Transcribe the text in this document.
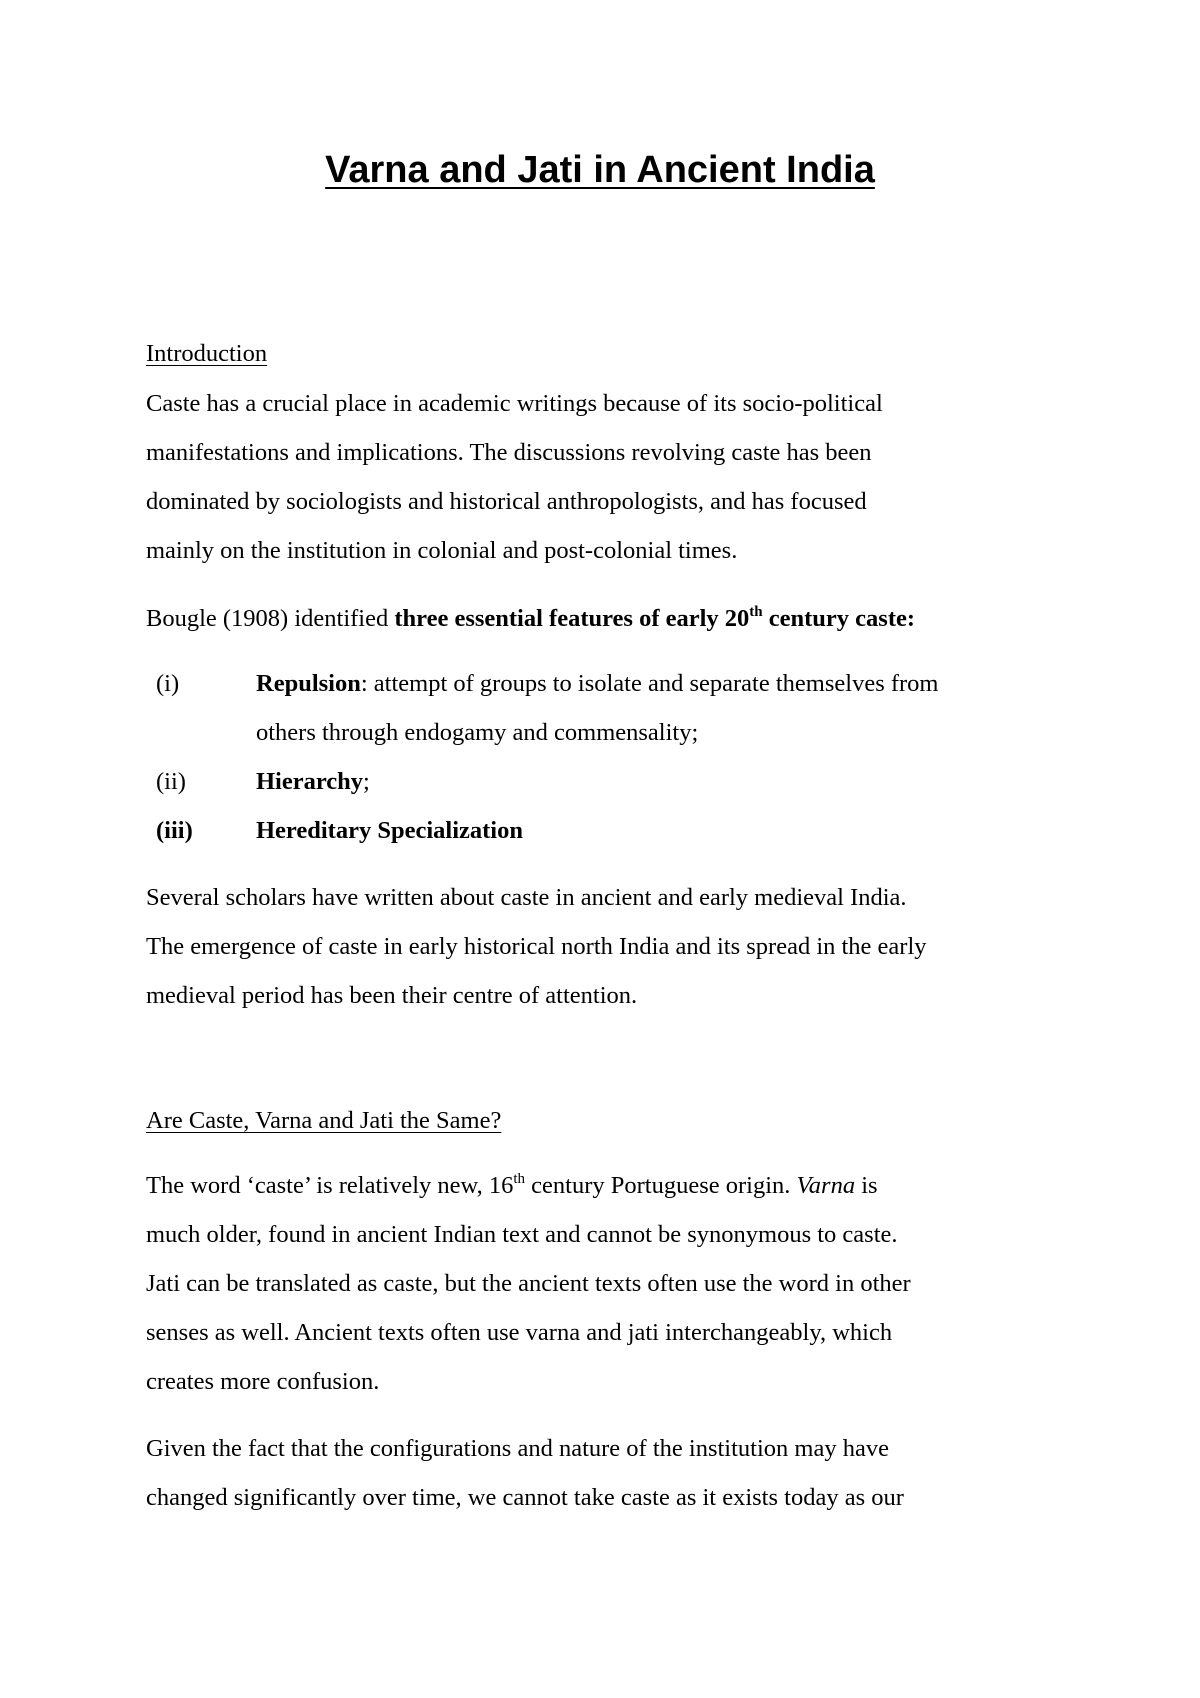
Varna and Jati in Ancient India
Introduction
Caste has a crucial place in academic writings because of its socio-political
manifestations and implications. The discussions revolving caste has been
dominated by sociologists and historical anthropologists, and has focused
mainly on the institution in colonial and post-colonial times.
Bougle (1908) identified three essential features of early 20th century caste:
(i)	Repulsion: attempt of groups to isolate and separate themselves from
others through endogamy and commensality;
(ii)	Hierarchy;
(iii)	Hereditary Specialization
Several scholars have written about caste in ancient and early medieval India.
The emergence of caste in early historical north India and its spread in the early
medieval period has been their centre of attention.
Are Caste, Varna and Jati the Same?
The word ‘caste’ is relatively new, 16th century Portuguese origin. Varna is
much older, found in ancient Indian text and cannot be synonymous to caste.
Jati can be translated as caste, but the ancient texts often use the word in other
senses as well. Ancient texts often use varna and jati interchangeably, which
creates more confusion.
Given the fact that the configurations and nature of the institution may have
changed significantly over time, we cannot take caste as it exists today as our
